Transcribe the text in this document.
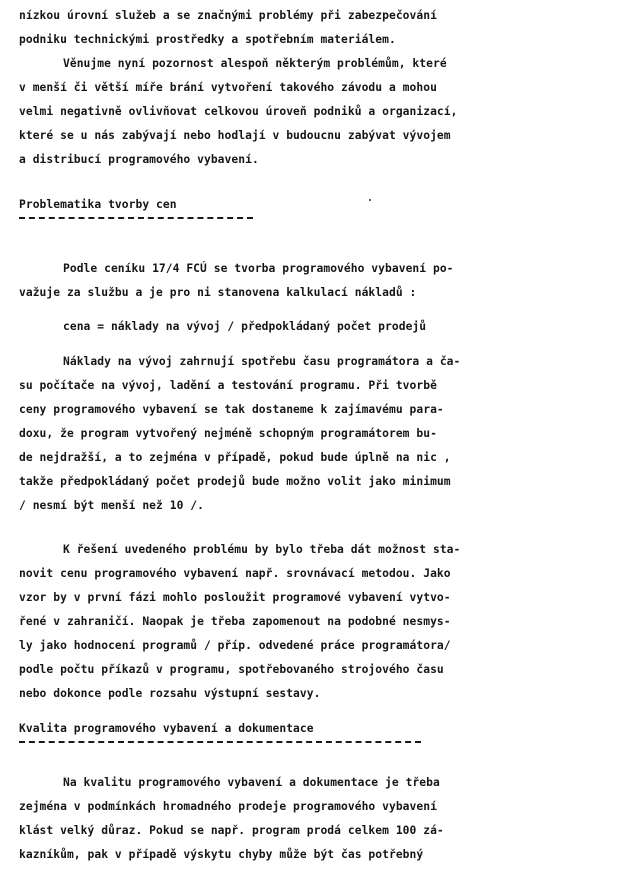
nízkou úrovní služeb a se značnými problémy při zabezpečování
podniku technickými prostředky a spotřebním materiálem.
Věnujme nyní pozornost alespoň některým problémům, které
v menší či větší míře brání vytvoření takového závodu a mohou
velmi negativně ovlivňovat celkovou úroveň podniků a organizací,
které se u nás zabývají nebo hodlají v budoucnu zabývat vývojem
a distribucí programového vybavení.
Problematika tvorby cen
Podle ceníku 17/4 FCÚ se tvorba programového vybavení po-
važuje za službu a je pro ni stanovena kalkulací nákladů :
cena = náklady na vývoj / předpokládaný počet prodejů
Náklady na vývoj zahrnují spotřebu času programátora a ča-
su počítače na vývoj, ladění a testování programu. Při tvorbě
ceny programového vybavení se tak dostaneme k zajímavému para-
doxu, že program vytvořený nejméně schopným programátorem bu-
de nejdražší, a to zejména v případě, pokud bude úplně na nic ,
takže předpokládaný počet prodejů bude možno volit jako minimum
/ nesmí být menší než 10 /.
K řešení uvedeného problému by bylo třeba dát možnost sta-
novit cenu programového vybavení např. srovnávací metodou. Jako
vzor by v první fázi mohlo posloužit programové vybavení vytvo-
řené v zahraničí. Naopak je třeba zapomenout na podobné nesmys-
ly jako hodnocení programů / příp. odvedené práce programátora/
podle počtu příkazů v programu, spotřebovaného strojového času
nebo dokonce podle rozsahu výstupní sestavy.
Kvalita programového vybavení a dokumentace
Na kvalitu programového vybavení a dokumentace je třeba
zejména v podmínkách hromadného prodeje programového vybavení
klást velký důraz. Pokud se např. program prodá celkem 100 zá-
kazníkům, pak v případě výskytu chyby může být čas potřebný
